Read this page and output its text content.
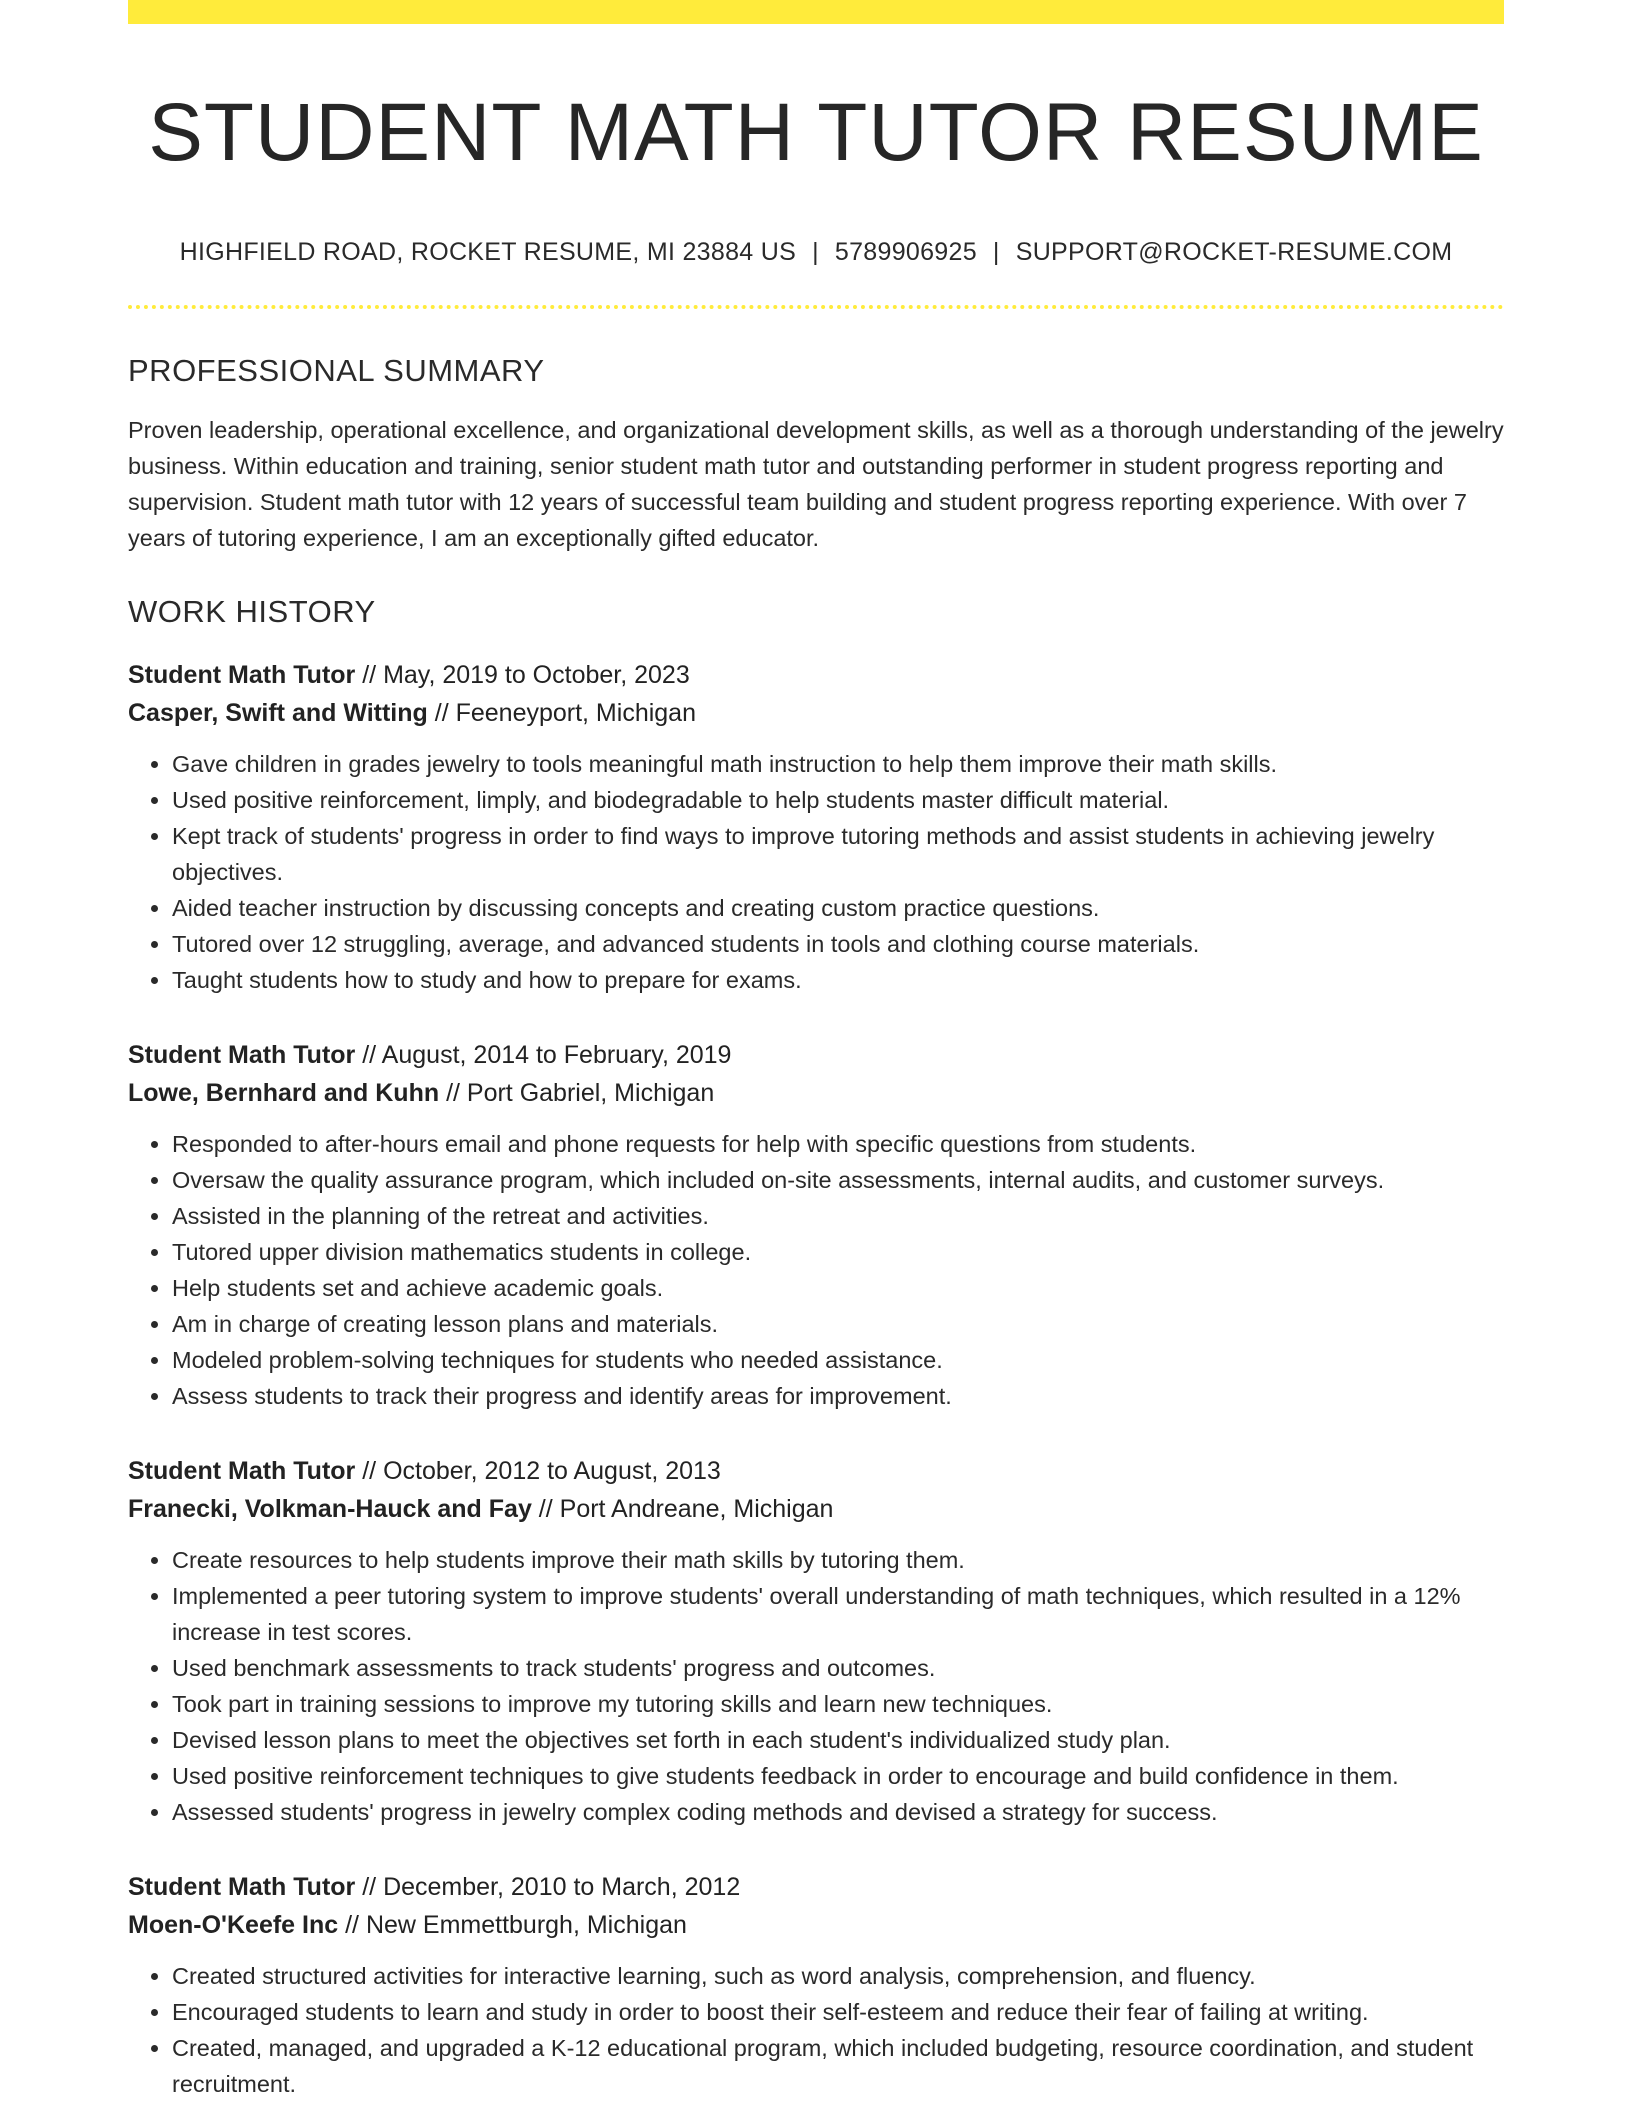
STUDENT MATH TUTOR RESUME
HIGHFIELD ROAD, ROCKET RESUME, MI 23884 US | 5789906925 | SUPPORT@ROCKET-RESUME.COM
PROFESSIONAL SUMMARY
Proven leadership, operational excellence, and organizational development skills, as well as a thorough understanding of the jewelry business. Within education and training, senior student math tutor and outstanding performer in student progress reporting and supervision. Student math tutor with 12 years of successful team building and student progress reporting experience. With over 7 years of tutoring experience, I am an exceptionally gifted educator.
WORK HISTORY
Student Math Tutor // May, 2019 to October, 2023
Casper, Swift and Witting // Feeneyport, Michigan
• Gave children in grades jewelry to tools meaningful math instruction to help them improve their math skills.
• Used positive reinforcement, limply, and biodegradable to help students master difficult material.
• Kept track of students' progress in order to find ways to improve tutoring methods and assist students in achieving jewelry objectives.
• Aided teacher instruction by discussing concepts and creating custom practice questions.
• Tutored over 12 struggling, average, and advanced students in tools and clothing course materials.
• Taught students how to study and how to prepare for exams.
Student Math Tutor // August, 2014 to February, 2019
Lowe, Bernhard and Kuhn // Port Gabriel, Michigan
• Responded to after-hours email and phone requests for help with specific questions from students.
• Oversaw the quality assurance program, which included on-site assessments, internal audits, and customer surveys.
• Assisted in the planning of the retreat and activities.
• Tutored upper division mathematics students in college.
• Help students set and achieve academic goals.
• Am in charge of creating lesson plans and materials.
• Modeled problem-solving techniques for students who needed assistance.
• Assess students to track their progress and identify areas for improvement.
Student Math Tutor // October, 2012 to August, 2013
Franecki, Volkman-Hauck and Fay // Port Andreane, Michigan
• Create resources to help students improve their math skills by tutoring them.
• Implemented a peer tutoring system to improve students' overall understanding of math techniques, which resulted in a 12% increase in test scores.
• Used benchmark assessments to track students' progress and outcomes.
• Took part in training sessions to improve my tutoring skills and learn new techniques.
• Devised lesson plans to meet the objectives set forth in each student's individualized study plan.
• Used positive reinforcement techniques to give students feedback in order to encourage and build confidence in them.
• Assessed students' progress in jewelry complex coding methods and devised a strategy for success.
Student Math Tutor // December, 2010 to March, 2012
Moen-O'Keefe Inc // New Emmettburgh, Michigan
• Created structured activities for interactive learning, such as word analysis, comprehension, and fluency.
• Encouraged students to learn and study in order to boost their self-esteem and reduce their fear of failing at writing.
• Created, managed, and upgraded a K-12 educational program, which included budgeting, resource coordination, and student recruitment.
